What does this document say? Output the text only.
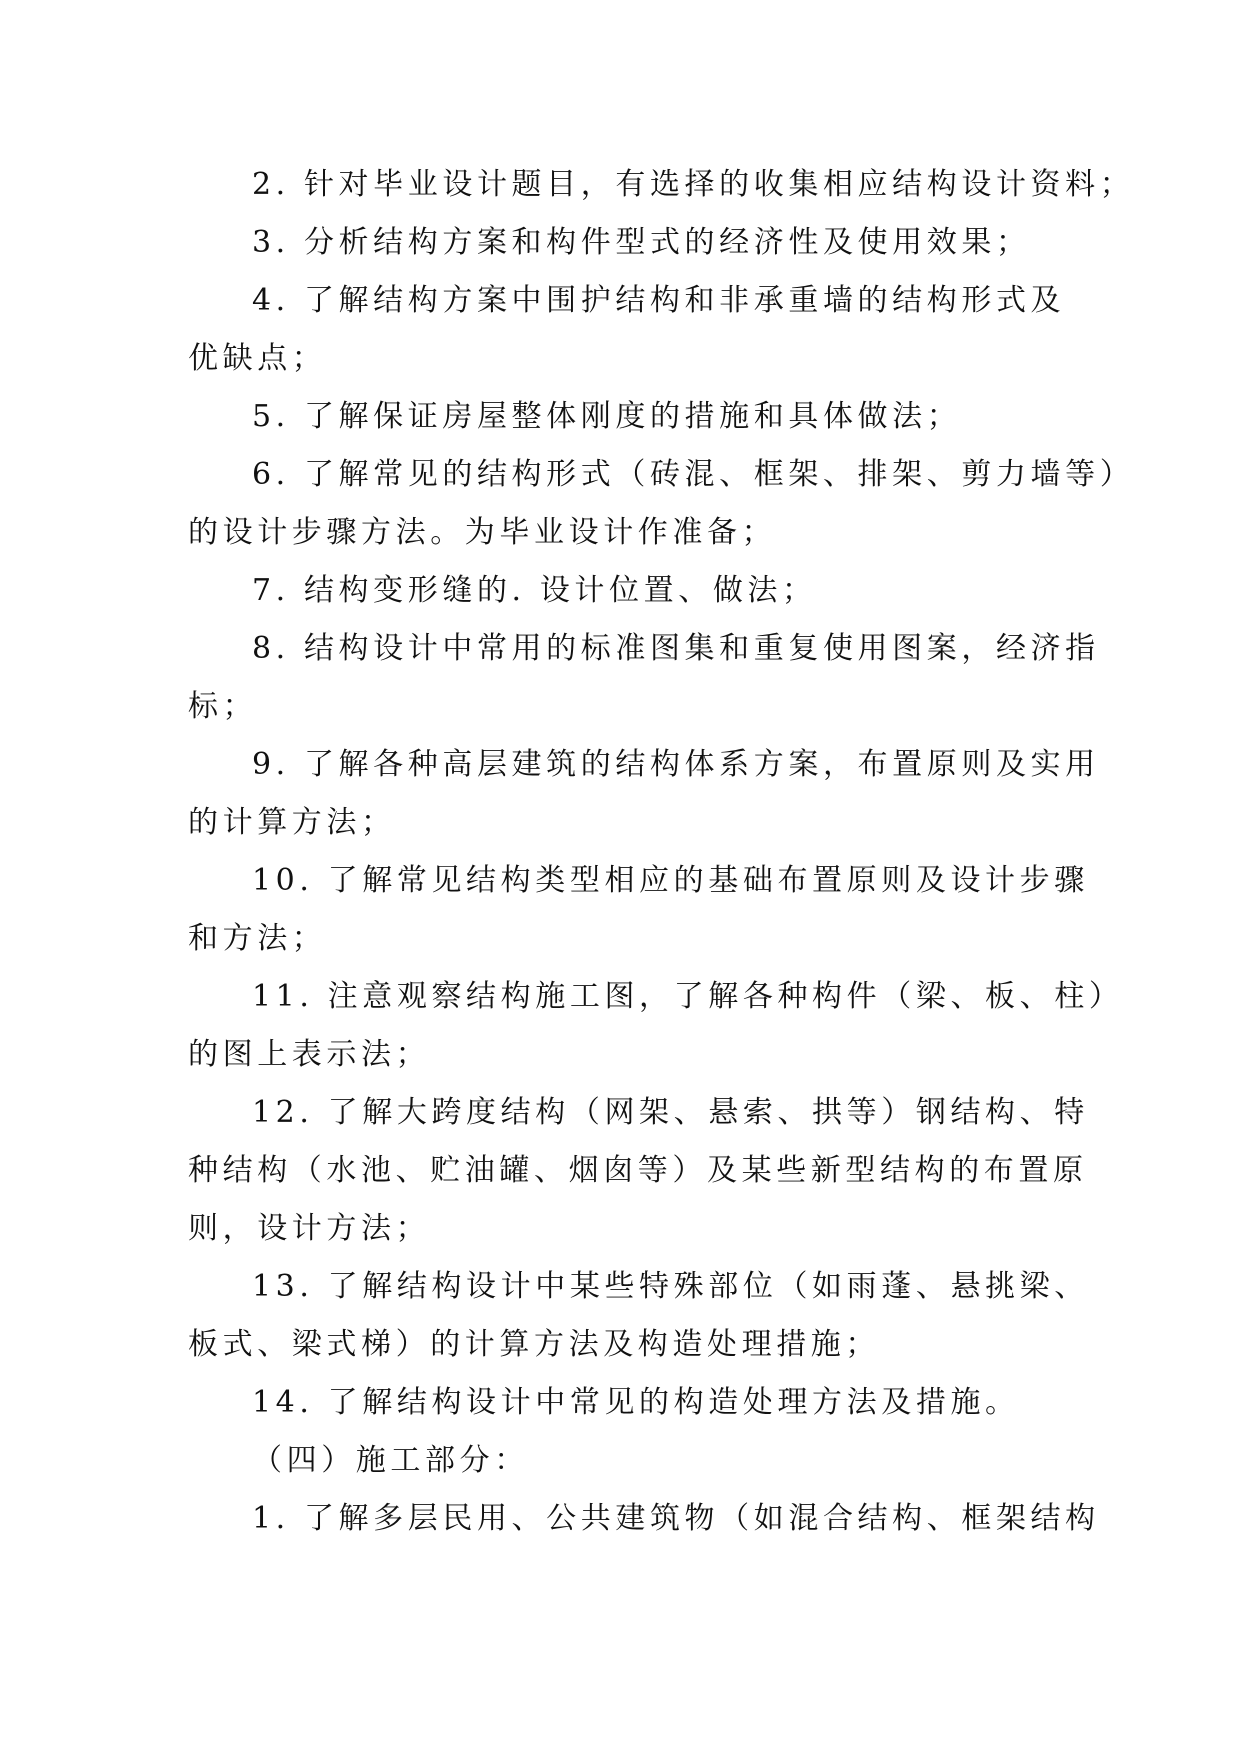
2. 针对毕业设计题目，有选择的收集相应结构设计资料；
3. 分析结构方案和构件型式的经济性及使用效果；
4. 了解结构方案中围护结构和非承重墙的结构形式及
优缺点；
5. 了解保证房屋整体刚度的措施和具体做法；
6. 了解常见的结构形式（砖混、框架、排架、剪力墙等）
的设计步骤方法。为毕业设计作准备；
7. 结构变形缝的. 设计位置、做法；
8. 结构设计中常用的标准图集和重复使用图案，经济指
标；
9. 了解各种高层建筑的结构体系方案，布置原则及实用
的计算方法；
10. 了解常见结构类型相应的基础布置原则及设计步骤
和方法；
11. 注意观察结构施工图，了解各种构件（梁、板、柱）
的图上表示法；
12. 了解大跨度结构（网架、悬索、拱等）钢结构、特
种结构（水池、贮油罐、烟囱等）及某些新型结构的布置原
则，设计方法；
13. 了解结构设计中某些特殊部位（如雨蓬、悬挑梁、
板式、梁式梯）的计算方法及构造处理措施；
14. 了解结构设计中常见的构造处理方法及措施。
（四）施工部分：
1. 了解多层民用、公共建筑物（如混合结构、框架结构
